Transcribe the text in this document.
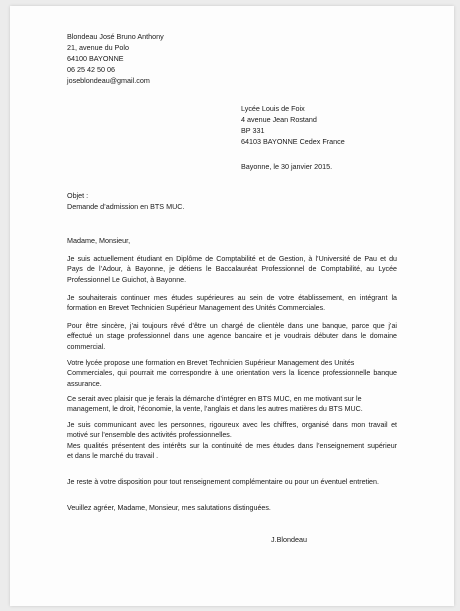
Blondeau José Bruno Anthony
21, avenue du Polo
64100 BAYONNE
06 25 42 50 06
joseblondeau@gmail.com
Lycée Louis de Foix
4 avenue Jean Rostand
BP 331
64103 BAYONNE Cedex France
Bayonne, le 30 janvier 2015.
Objet :
Demande d’admission en BTS MUC.
Madame, Monsieur,
Je suis actuellement étudiant en Diplôme de Comptabilité et de Gestion, à l’Université de Pau et du
Pays de l’Adour, à Bayonne, je détiens le Baccalauréat Professionnel de Comptabilité, au Lycée
Professionnel Le Guichot, à Bayonne.
Je souhaiterais continuer mes études supérieures au sein de votre établissement, en intégrant la
formation en Brevet Technicien Supérieur Management des Unités Commerciales.
Pour être sincère, j’ai toujours rêvé d’être un chargé de clientèle dans une banque, parce que j’ai
effectué un stage professionnel dans une agence bancaire et je voudrais débuter dans le domaine
commercial.
Votre lycée propose une formation en Brevet Technicien Supérieur Management des Unités
Commerciales, qui pourrait me correspondre à une orientation vers la licence professionnelle banque
assurance.
Ce serait avec plaisir que je ferais la démarche d’intégrer en BTS MUC, en me motivant sur le
management, le droit, l’économie, la vente, l’anglais et dans les autres matières du BTS MUC.
Je suis communicant avec les personnes, rigoureux avec les chiffres, organisé dans mon travail et
motivé sur l’ensemble des activités professionnelles.
Mes qualités présentent des intérêts sur la continuité de mes études dans l’enseignement supérieur
et dans le marché du travail .
Je reste à votre disposition pour tout renseignement complémentaire ou pour un éventuel entretien.
Veuillez agréer, Madame, Monsieur, mes salutations distinguées.
J.Blondeau
